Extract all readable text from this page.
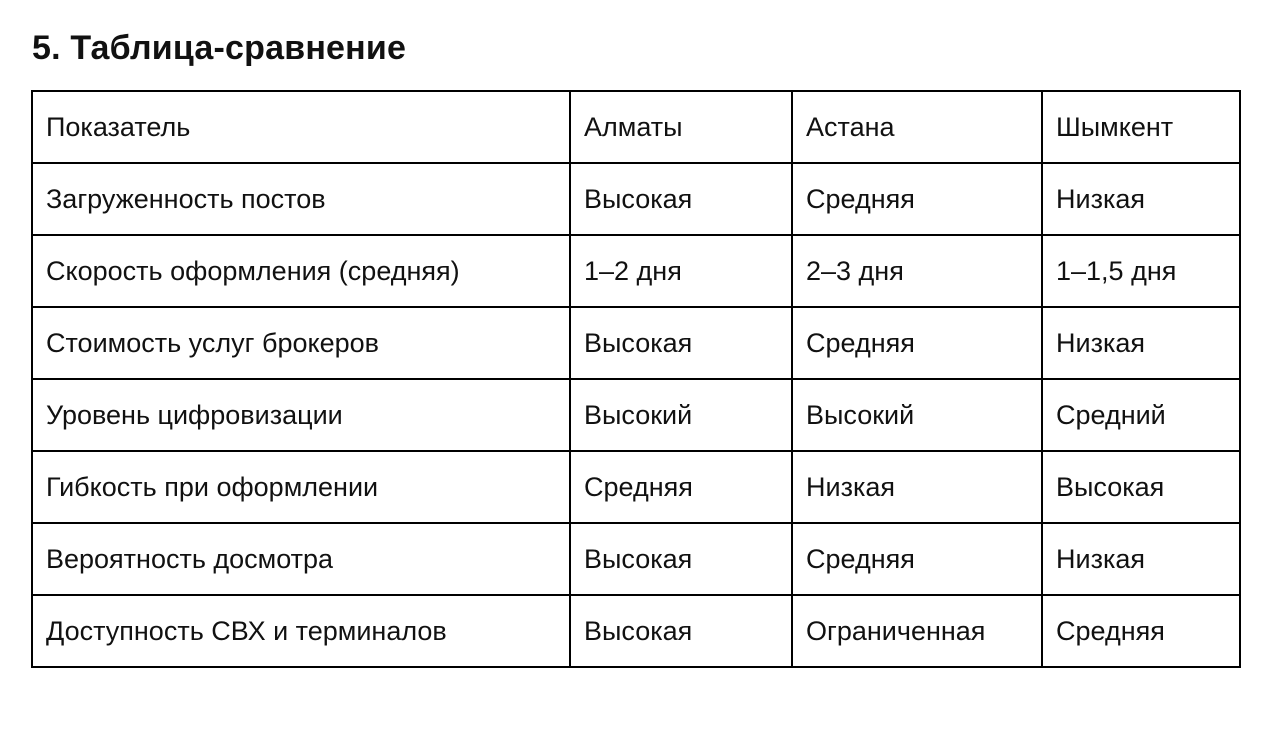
5. Таблица-сравнение
Показатель	Алматы	Астана	Шымкент
Загруженность постов	Высокая	Средняя	Низкая
Скорость оформления (средняя)	1–2 дня	2–3 дня	1–1,5 дня
Стоимость услуг брокеров	Высокая	Средняя	Низкая
Уровень цифровизации	Высокий	Высокий	Средний
Гибкость при оформлении	Средняя	Низкая	Высокая
Вероятность досмотра	Высокая	Средняя	Низкая
Доступность СВХ и терминалов	Высокая	Ограниченная	Средняя
